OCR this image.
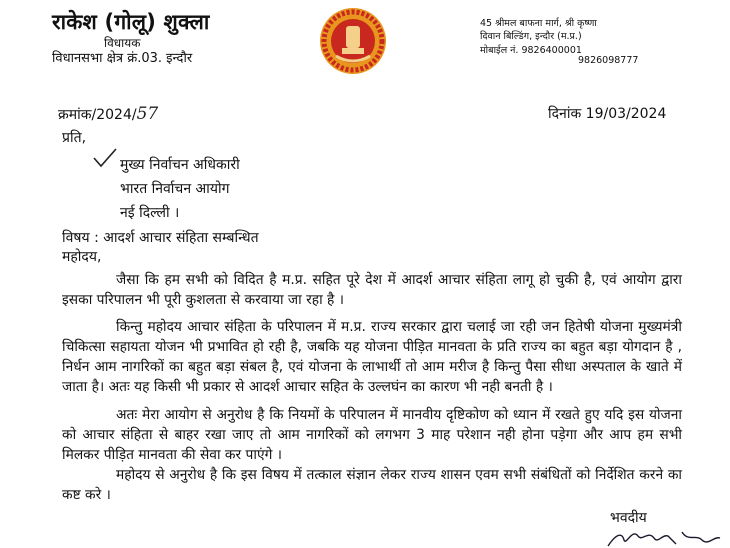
राकेश (गोलू) शुक्ला
विधायक
विधानसभा क्षेत्र क्रं.03. इन्दौर
45 श्रीमल बाफना मार्ग, श्री कृष्णा
दिवान बिल्डिंग, इन्दौर (म.प्र.)
मोबाईल नं. 9826400001
9826098777
क्रमांक/2024/57	दिनांक 19/03/2024
प्रति,
मुख्य निर्वाचन अधिकारी
भारत निर्वाचन आयोग
नई दिल्ली ।
विषय : आदर्श आचार संहिता सम्बन्धित
महोदय,
जैसा कि हम सभी को विदित है म.प्र. सहित पूरे देश में आदर्श आचार संहिता लागू हो चुकी है, एवं आयोग द्वारा इसका परिपालन भी पूरी कुशलता से करवाया जा रहा है ।
किन्तु महोदय आचार संहिता के परिपालन में म.प्र. राज्य सरकार द्वारा चलाई जा रही जन हितेषी योजना मुख्यमंत्री चिकित्सा सहायता योजन भी प्रभावित हो रही है, जबकि यह योजना पीड़ित मानवता के प्रति राज्य का बहुत बड़ा योगदान है , निर्धन आम नागरिकों का बहुत बड़ा संबल है, एवं योजना के लाभार्थी तो आम मरीज है किन्तु पैसा सीधा अस्पताल के खाते में जाता है। अतः यह किसी भी प्रकार से आदर्श आचार सहित के उल्लघंन का कारण भी नही बनती है ।
अतः मेरा आयोग से अनुरोध है कि नियमों के परिपालन में मानवीय दृष्टिकोण को ध्यान में रखते हुए यदि इस योजना को आचार संहिता से बाहर रखा जाए तो आम नागरिकों को लगभग 3 माह परेशान नही होना पड़ेगा और आप हम सभी मिलकर पीड़ित मानवता की सेवा कर पाएंगे ।
महोदय से अनुरोध है कि इस विषय में तत्काल संज्ञान लेकर राज्य शासन एवम सभी संबंधितों को निर्देशित करने का कष्ट करे ।
भवदीय
